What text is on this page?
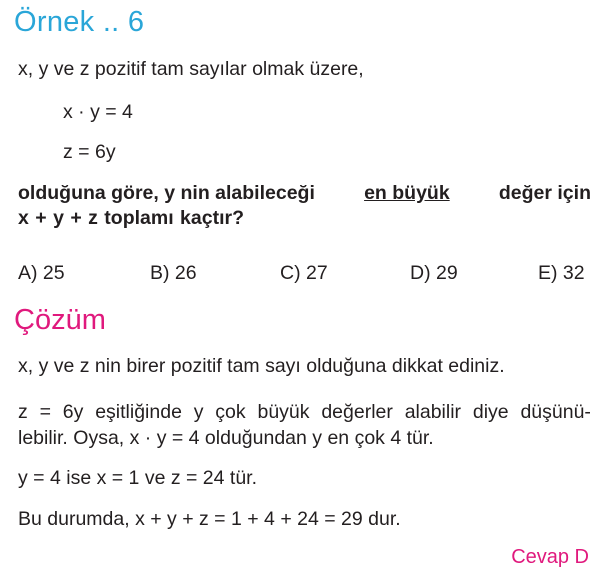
Örnek .. 6
x, y ve z pozitif tam sayılar olmak üzere,
x · y = 4
z = 6y
olduğuna göre, y nin alabileceği	en büyük	değer için
x + y + z toplamı kaçtır?
A) 25	B) 26	C) 27	D) 29	E) 32
Çözüm
x, y ve z nin birer pozitif tam sayı olduğuna dikkat ediniz.
z = 6y eşitliğinde y çok büyük değerler alabilir diye düşünü-
lebilir. Oysa, x · y = 4 olduğundan y en çok 4 tür.
y = 4 ise x = 1 ve z = 24 tür.
Bu durumda, x + y + z = 1 + 4 + 24 = 29 dur.
Cevap D
